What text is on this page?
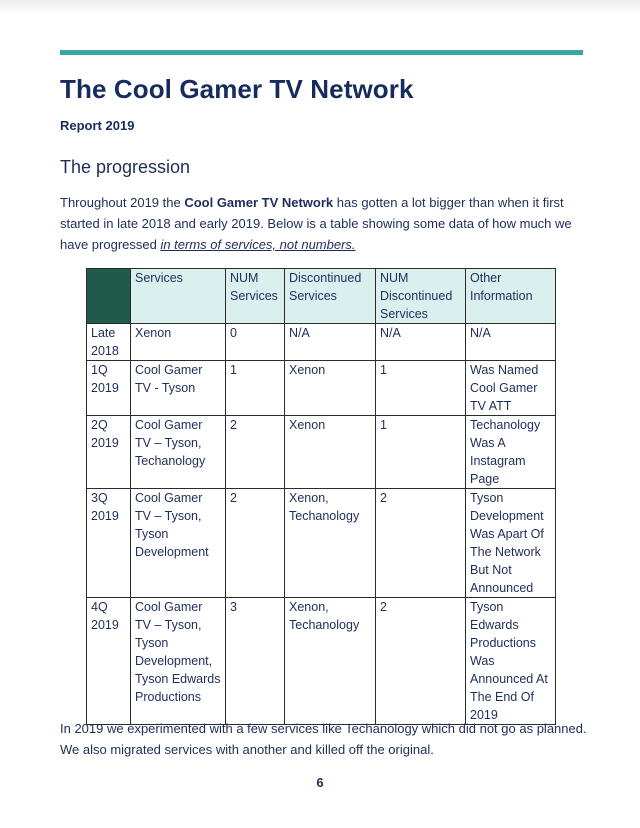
The Cool Gamer TV Network
Report 2019
The progression

Throughout 2019 the Cool Gamer TV Network has gotten a lot bigger than when it first started in late 2018 and early 2019. Below is a table showing some data of how much we have progressed in terms of services, not numbers.

	Services	NUM Services	Discontinued Services	NUM Discontinued Services	Other Information
Late 2018	Xenon	0	N/A	N/A	N/A
1Q 2019	Cool Gamer TV - Tyson	1	Xenon	1	Was Named Cool Gamer TV ATT
2Q 2019	Cool Gamer TV – Tyson, Techanology	2	Xenon	1	Techanology Was A Instagram Page
3Q 2019	Cool Gamer TV – Tyson, Tyson Development	2	Xenon, Techanology	2	Tyson Development Was Apart Of The Network But Not Announced
4Q 2019	Cool Gamer TV – Tyson, Tyson Development, Tyson Edwards Productions	3	Xenon, Techanology	2	Tyson Edwards Productions Was Announced At The End Of 2019

In 2019 we experimented with a few services like Techanology which did not go as planned. We also migrated services with another and killed off the original.

6
